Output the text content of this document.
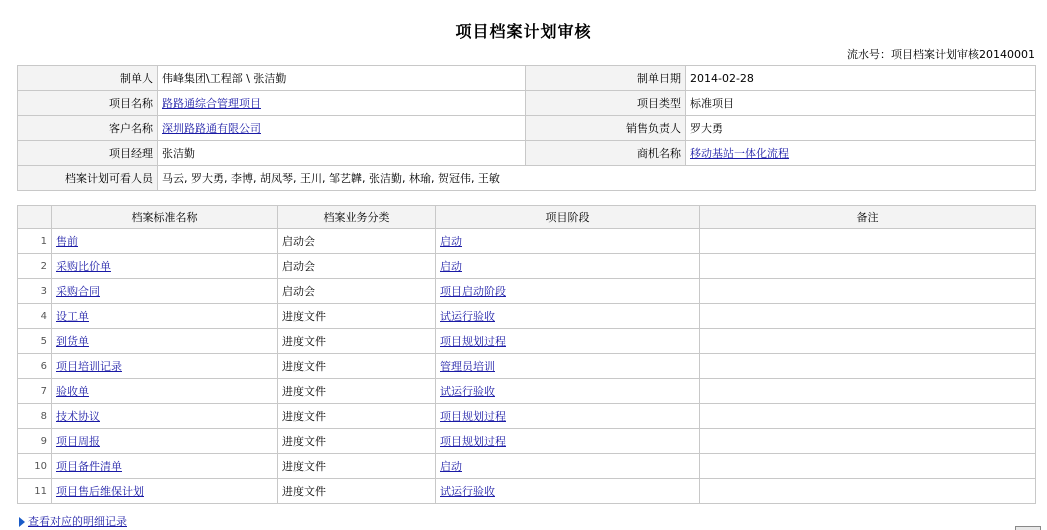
项目档案计划审核
流水号：项目档案计划审核20140001
制单人	伟峰集团\工程部 \ 张洁勤	制单日期	2014-02-28
项目名称	路路通综合管理项目	项目类型	标准项目
客户名称	深圳路路通有限公司	销售负责人	罗大勇
项目经理	张洁勤	商机名称	移动基站一体化流程
档案计划可看人员	马云, 罗大勇, 李博, 胡凤琴, 王川, 邹艺韡, 张洁勤, 林瑜, 贺冠伟, 王敏		
	档案标准名称	档案业务分类	项目阶段	备注
1	售前	启动会	启动	
2	采购比价单	启动会	启动	
3	采购合同	启动会	项目启动阶段	
4	设工单	进度文件	试运行验收	
5	到货单	进度文件	项目规划过程	
6	项目培训记录	进度文件	管理员培训	
7	验收单	进度文件	试运行验收	
8	技术协议	进度文件	项目规划过程	
9	项目周报	进度文件	项目规划过程	
10	项目备件清单	进度文件	启动	
11	项目售后维保计划	进度文件	试运行验收	
查看对应的明细记录
